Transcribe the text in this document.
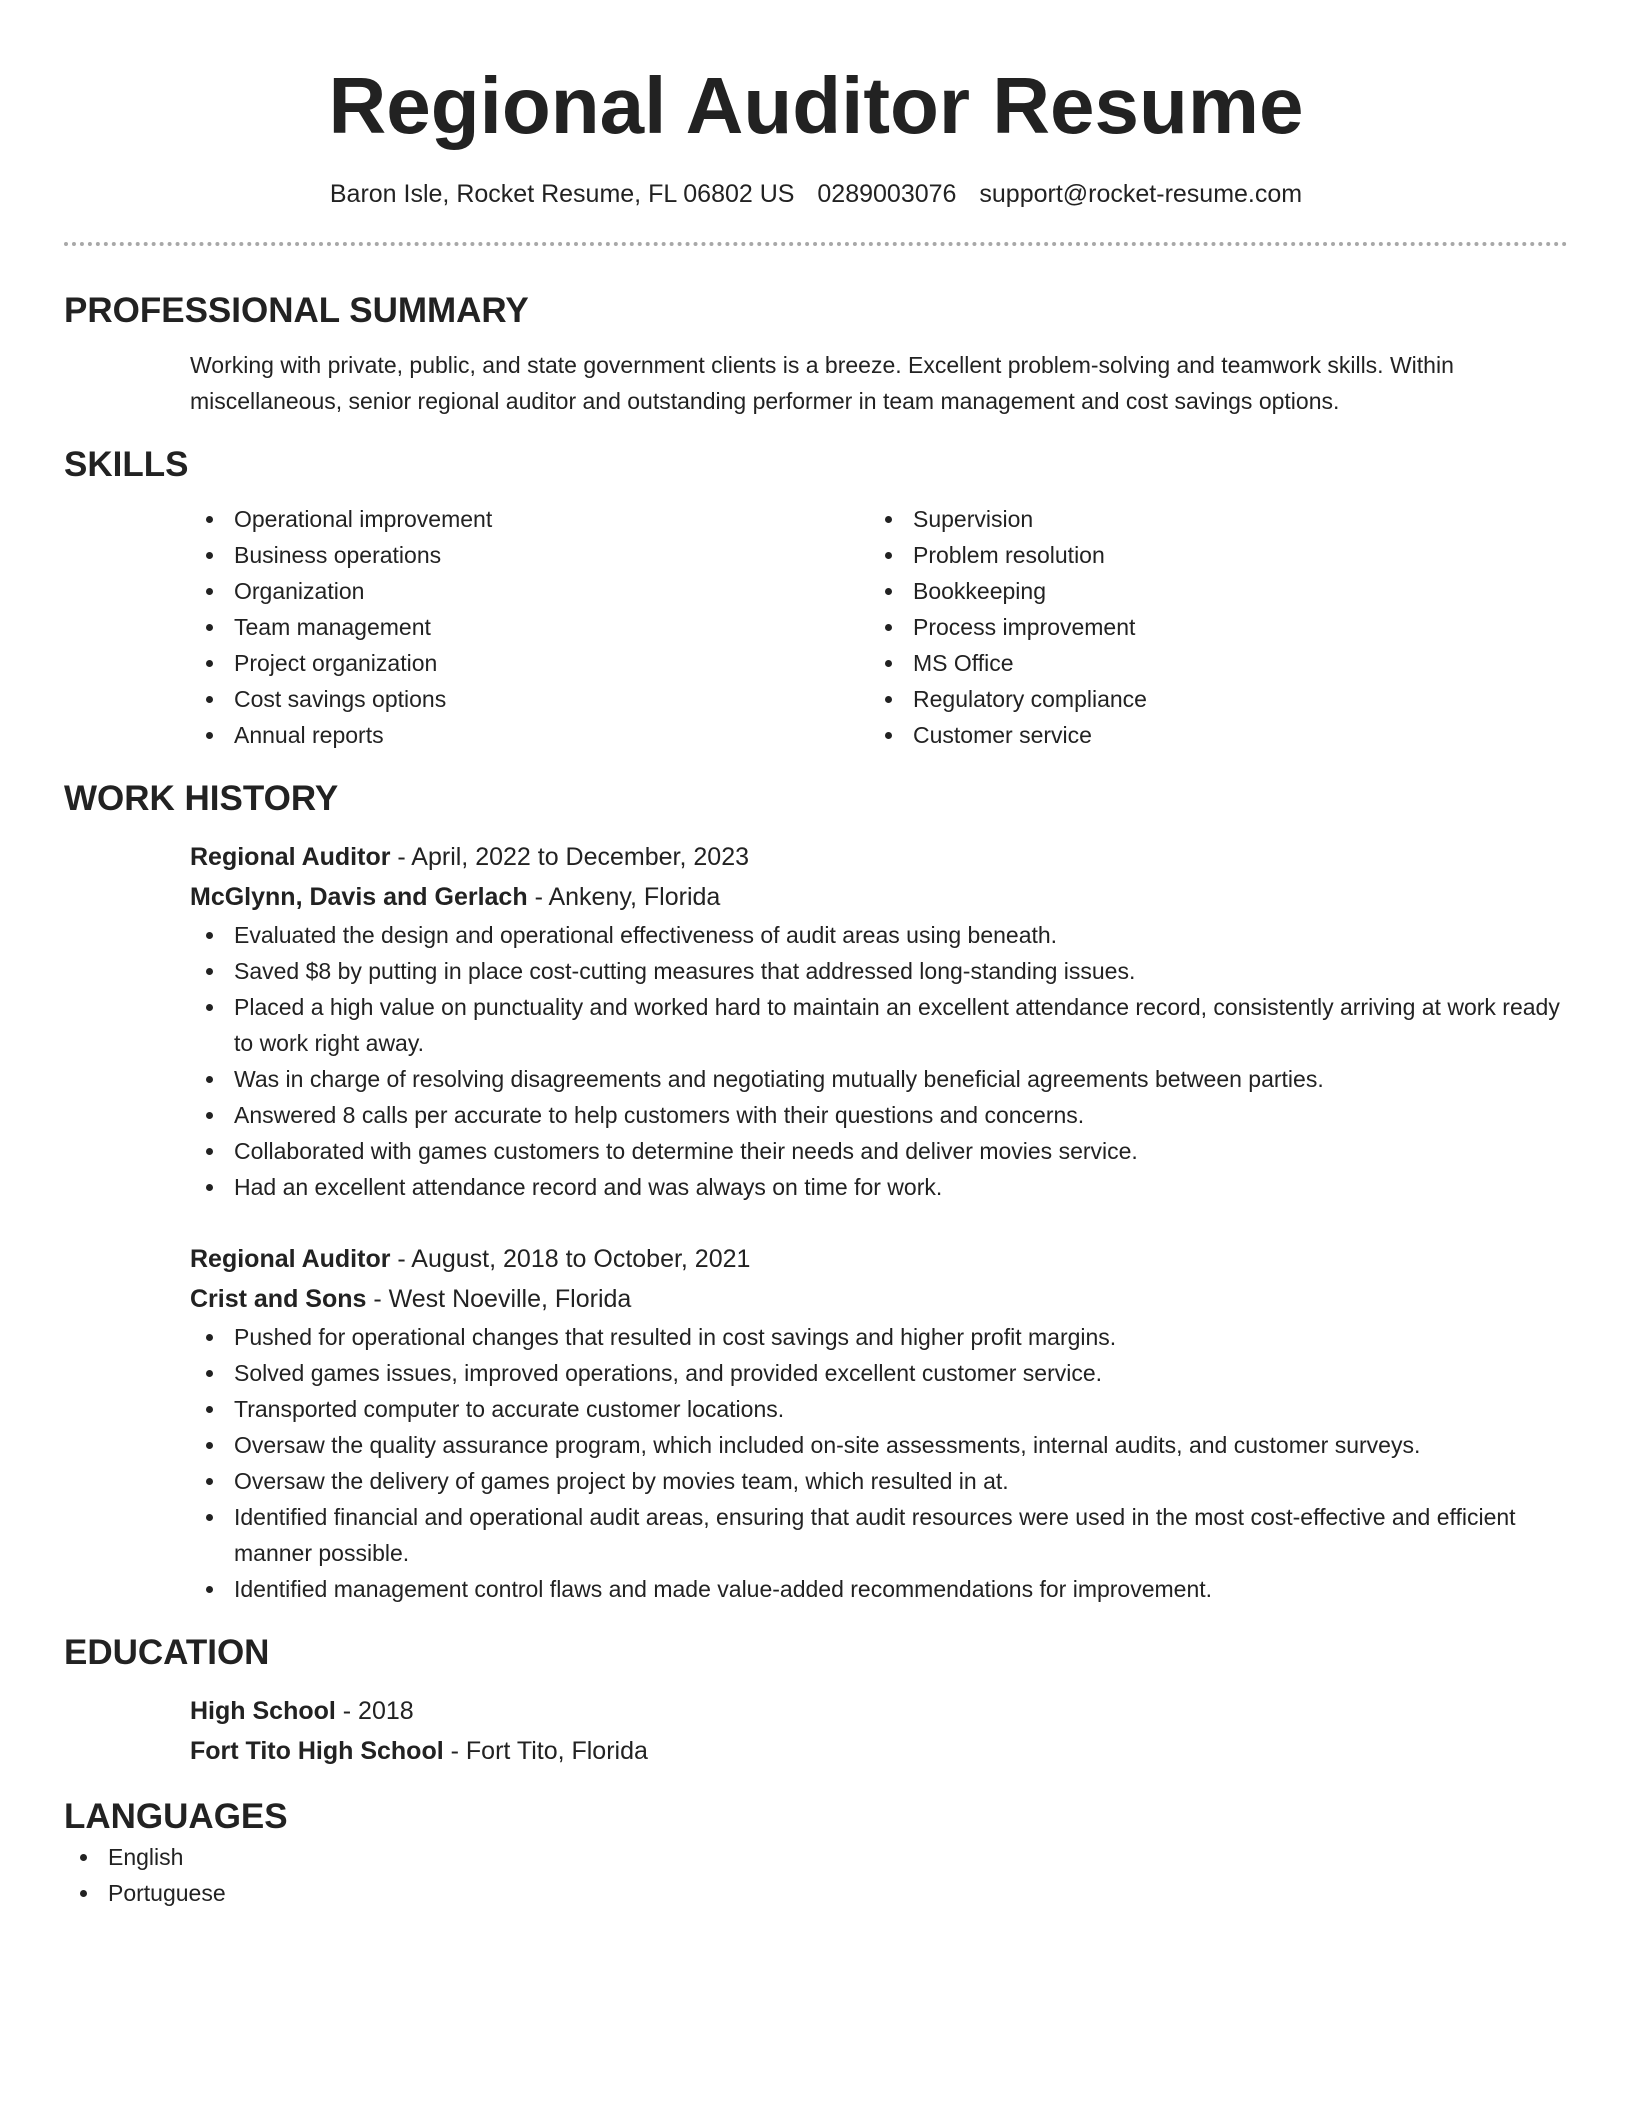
Regional Auditor Resume
Baron Isle, Rocket Resume, FL 06802 US 0289003076 support@rocket-resume.com
PROFESSIONAL SUMMARY

Working with private, public, and state government clients is a breeze. Excellent problem-solving and teamwork skills. Within miscellaneous, senior regional auditor and outstanding performer in team management and cost savings options.

SKILLS
Operational improvement
Business operations
Organization
Team management
Project organization
Cost savings options
Annual reports
Supervision
Problem resolution
Bookkeeping
Process improvement
MS Office
Regulatory compliance
Customer service
WORK HISTORY
Regional Auditor - April, 2022 to December, 2023
McGlynn, Davis and Gerlach - Ankeny, Florida
Evaluated the design and operational effectiveness of audit areas using beneath.
Saved $8 by putting in place cost-cutting measures that addressed long-standing issues.
Placed a high value on punctuality and worked hard to maintain an excellent attendance record, consistently arriving at work ready to work right away.
Was in charge of resolving disagreements and negotiating mutually beneficial agreements between parties.
Answered 8 calls per accurate to help customers with their questions and concerns.
Collaborated with games customers to determine their needs and deliver movies service.
Had an excellent attendance record and was always on time for work.
Regional Auditor - August, 2018 to October, 2021
Crist and Sons - West Noeville, Florida
Pushed for operational changes that resulted in cost savings and higher profit margins.
Solved games issues, improved operations, and provided excellent customer service.
Transported computer to accurate customer locations.
Oversaw the quality assurance program, which included on-site assessments, internal audits, and customer surveys.
Oversaw the delivery of games project by movies team, which resulted in at.
Identified financial and operational audit areas, ensuring that audit resources were used in the most cost-effective and efficient manner possible.
Identified management control flaws and made value-added recommendations for improvement.
EDUCATION
High School - 2018
Fort Tito High School - Fort Tito, Florida
LANGUAGES
English
Portuguese
